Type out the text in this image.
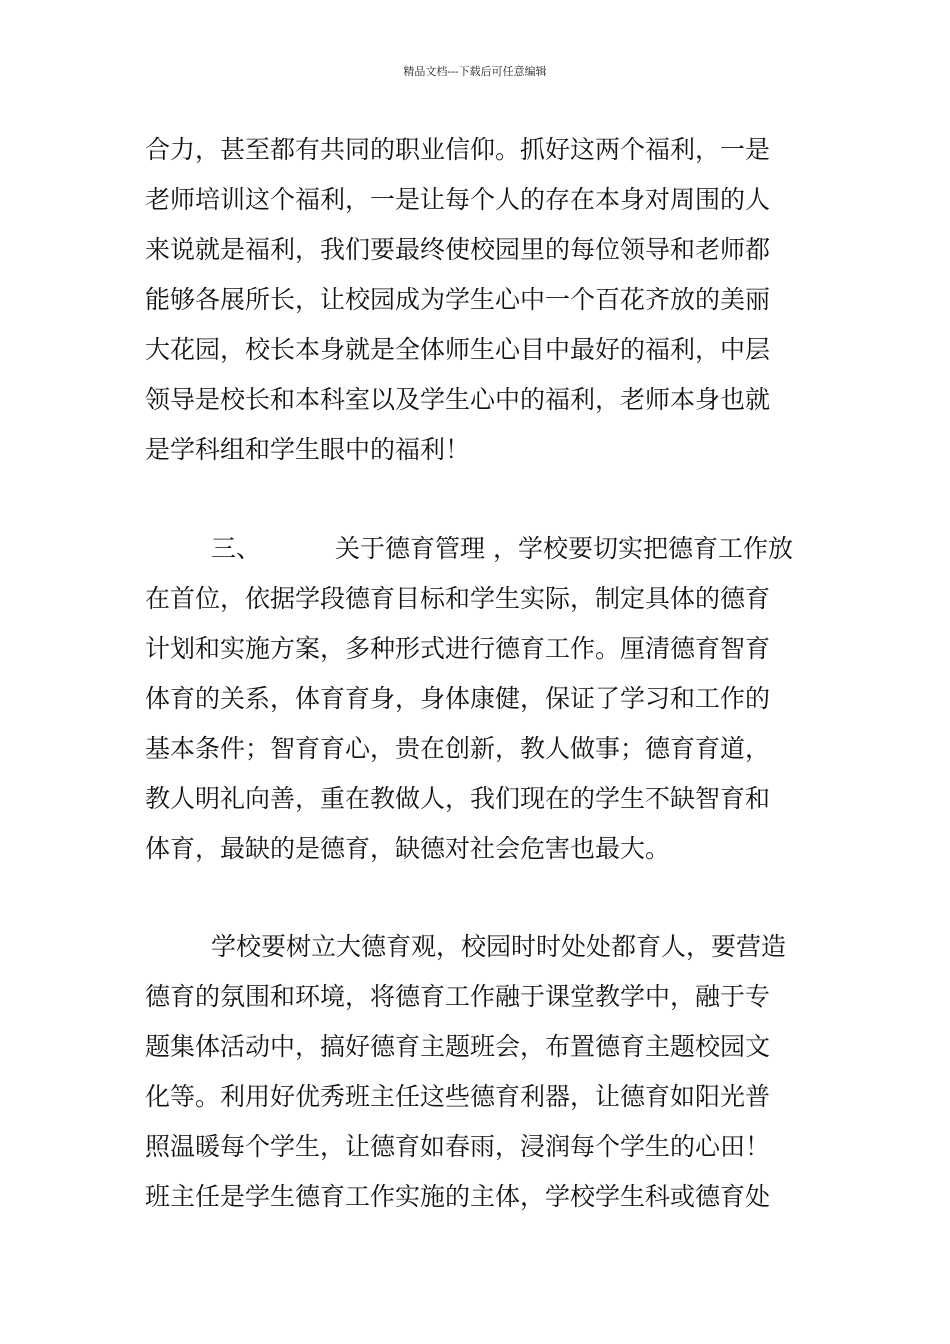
精品文档---下载后可任意编辑
合力，甚至都有共同的职业信仰。抓好这两个福利，一是
老师培训这个福利，一是让每个人的存在本身对周围的人
来说就是福利，我们要最终使校园里的每位领导和老师都
能够各展所长，让校园成为学生心中一个百花齐放的美丽
大花园，校长本身就是全体师生心目中最好的福利，中层
领导是校长和本科室以及学生心中的福利，老师本身也就
是学科组和学生眼中的福利！
三、	关于德育管理 ，学校要切实把德育工作放
在首位，依据学段德育目标和学生实际，制定具体的德育
计划和实施方案，多种形式进行德育工作。厘清德育智育
体育的关系，体育育身，身体康健，保证了学习和工作的
基本条件；智育育心，贵在创新，教人做事；德育育道，
教人明礼向善，重在教做人，我们现在的学生不缺智育和
体育，最缺的是德育，缺德对社会危害也最大。
学校要树立大德育观，校园时时处处都育人，要营造
德育的氛围和环境，将德育工作融于课堂教学中，融于专
题集体活动中，搞好德育主题班会，布置德育主题校园文
化等。利用好优秀班主任这些德育利器，让德育如阳光普
照温暖每个学生，让德育如春雨，浸润每个学生的心田！
班主任是学生德育工作实施的主体，学校学生科或德育处
